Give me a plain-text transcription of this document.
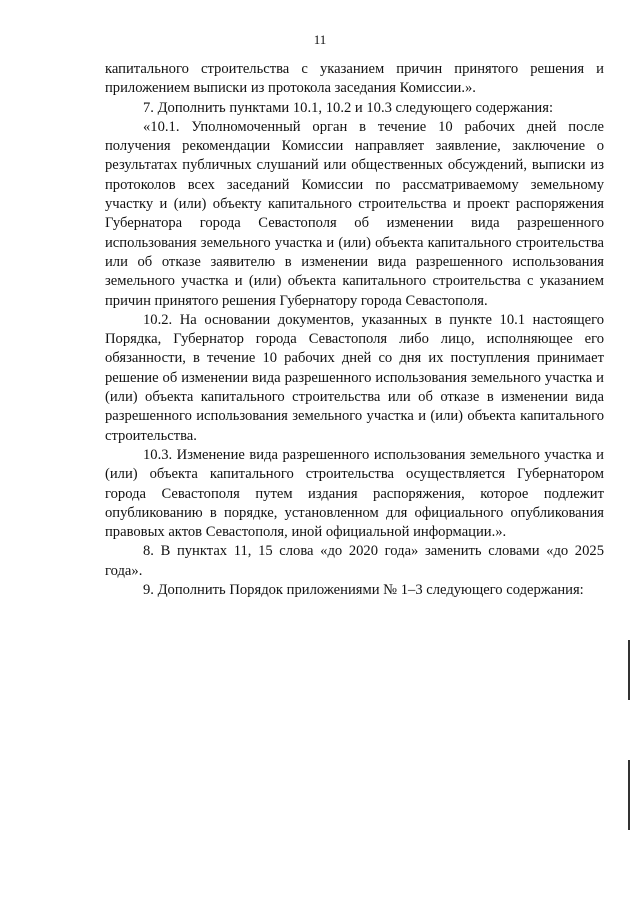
11

капитального строительства с указанием причин принятого решения и приложением выписки из протокола заседания Комиссии.».

7. Дополнить пунктами 10.1, 10.2 и 10.3 следующего содержания:

«10.1. Уполномоченный орган в течение 10 рабочих дней после получения рекомендации Комиссии направляет заявление, заключение о результатах публичных слушаний или общественных обсуждений, выписки из протоколов всех заседаний Комиссии по рассматриваемому земельному участку и (или) объекту капитального строительства и проект распоряжения Губернатора города Севастополя об изменении вида разрешенного использования земельного участка и (или) объекта капитального строительства или об отказе заявителю в изменении вида разрешенного использования земельного участка и (или) объекта капитального строительства с указанием причин принятого решения Губернатору города Севастополя.

10.2. На основании документов, указанных в пункте 10.1 настоящего Порядка, Губернатор города Севастополя либо лицо, исполняющее его обязанности, в течение 10 рабочих дней со дня их поступления принимает решение об изменении вида разрешенного использования земельного участка и (или) объекта капитального строительства или об отказе в изменении вида разрешенного использования земельного участка и (или) объекта капитального строительства.

10.3. Изменение вида разрешенного использования земельного участка и (или) объекта капитального строительства осуществляется Губернатором города Севастополя путем издания распоряжения, которое подлежит опубликованию в порядке, установленном для официального опубликования правовых актов Севастополя, иной официальной информации.».

8. В пунктах 11, 15 слова «до 2020 года» заменить словами «до 2025 года».

9. Дополнить Порядок приложениями № 1–3 следующего содержания:
